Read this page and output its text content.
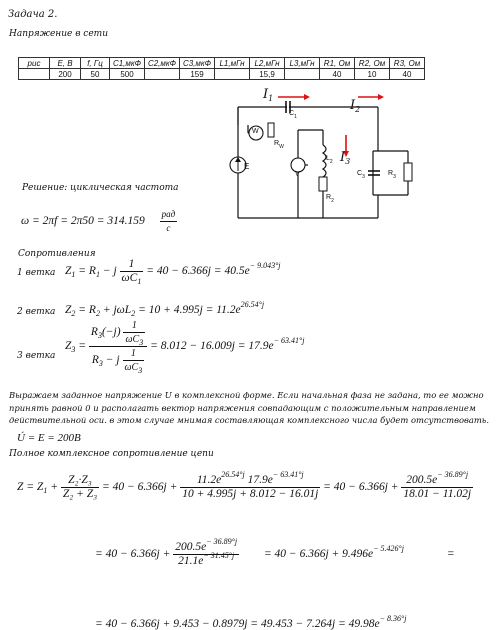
Задача 2.
Напряжение в сети
рис	E, В	f, Гц	C1,мкФ	C2,мкФ	C3,мкФ	L1,мГн	L2,мГн	L3,мГн	R1, Ом	R2, Ом	R3, Ом
	200	50	500		159		15,9		40	10	40
$I_1$	$I_2$
$I_3$
W
$C_1$
$R_W$
$L_2$
V
E
$R_2$
$C_3$	$R_3$
Решение: циклическая частота
$\omega = 2\pi f = 2\pi 50 = 314.159 \frac{\text{рад}}{с}$
Сопротивления
1 ветка $Z_1 = R_1 - j \frac{1}{\omega C_1} = 40 - 6.366j = 40.5e^{- 9.043^\circ j}$
2 ветка $Z_2 = R_2 + j\omega L_2 = 10 + 4.995j = 11.2e^{26.54^\circ j}$
3 ветка
$Z_3 = \frac{R_3(-j) \frac{1}{\omega C_3}}{R_3 - j \frac{1}{\omega C_3}} = 8.012 - 16.009j = 17.9e^{- 63.41^\circ j}$
Выражаем заданное напряжение U в комплексной форме. Если начальная фаза не задана, то ее можно принять равной 0 и располагать вектор напряжения совпадающим с положительным направлением действительной оси. в этом случае мнимая составляющая комплексного числа будет отсутствовать.
Ú = E = 200B
Полное комплексное сопротивление цепи
$Z = Z_1 + \frac{\text{Z₂·Z₃}}{\text{Z₂ + Z₃}} = 40 - 6.366j + \frac{11.2e^{26.54^\circ j} 17.9e^{- 63.41^\circ j}}{10 + 4.995j + 8.012 - 16.01j} = 40 - 6.366j + \frac{200.5e^{- 36.89^\circ j}}{18.01 - 11.02j}$
= $40 - 6.366j + \frac{200.5e^{- 36.89^\circ j}}{21.1e^{- 31.45^\circ j}} = 40 - 6.366j + 9.496e^{- 5.426^\circ j}$	=
= $40 - 6.366j + 9.453 - 0.8979j = 49.453 - 7.264j = 49.98e^{- 8.36^\circ j}$
